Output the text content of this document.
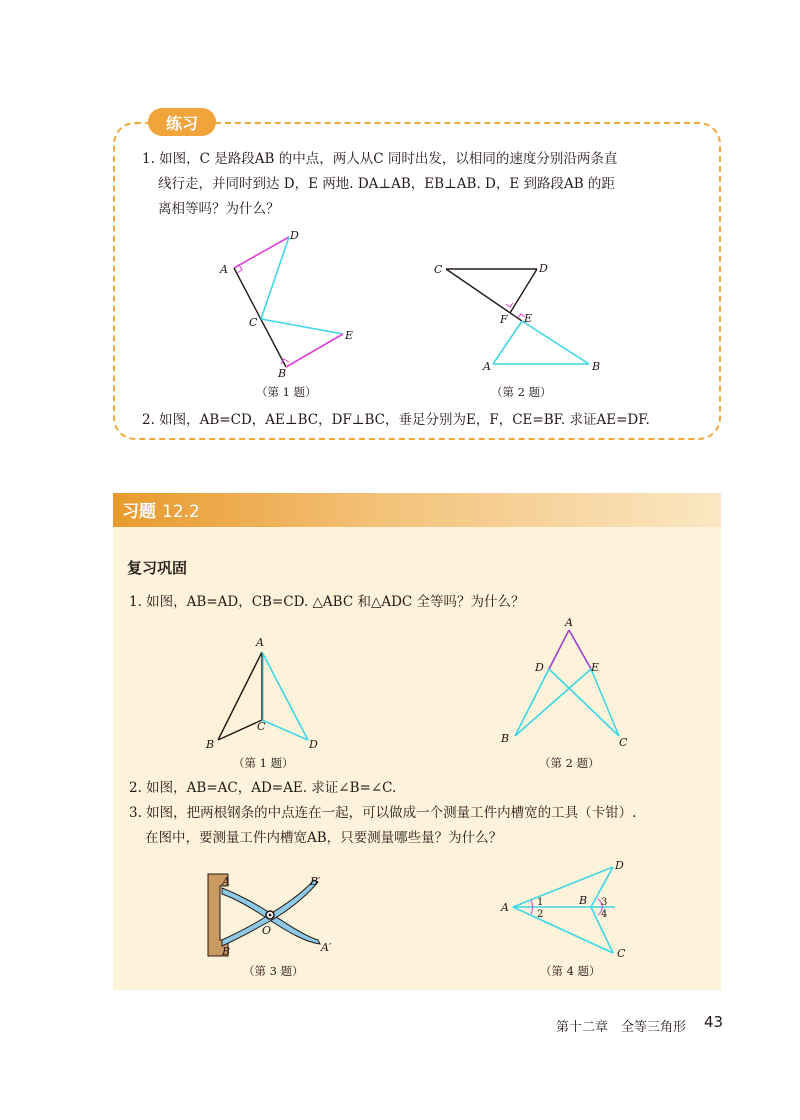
练习
1. 如图，C 是路段AB 的中点，两人从C 同时出发，以相同的速度分别沿两条直
线行走，并同时到达 D，E 两地. DA⊥AB，EB⊥AB. D，E 到路段AB 的距
离相等吗？为什么？
A
D
C
E
B
（第 1 题）
C	D
F E
A	B
（第 2 题）
2. 如图，AB=CD，AE⊥BC，DF⊥BC，垂足分别为E，F，CE=BF. 求证AE=DF.
习题 12.2
复习巩固
1. 如图，AB=AD，CB=CD. △ABC 和△ADC 全等吗？为什么？
A
B
C
D
（第 1 题）
A
D	E
B	C
（第 2 题）
2. 如图，AB=AC，AD=AE. 求证∠B=∠C.
3. 如图，把两根钢条的中点连在一起，可以做成一个测量工件内槽宽的工具（卡钳）.
在图中，要测量工件内槽宽AB，只要测量哪些量？为什么？
A
B
O
B′
A′
（第 3 题）
A
B
D
C
1
2
3
4
（第 4 题）
第十二章　全等三角形 43
